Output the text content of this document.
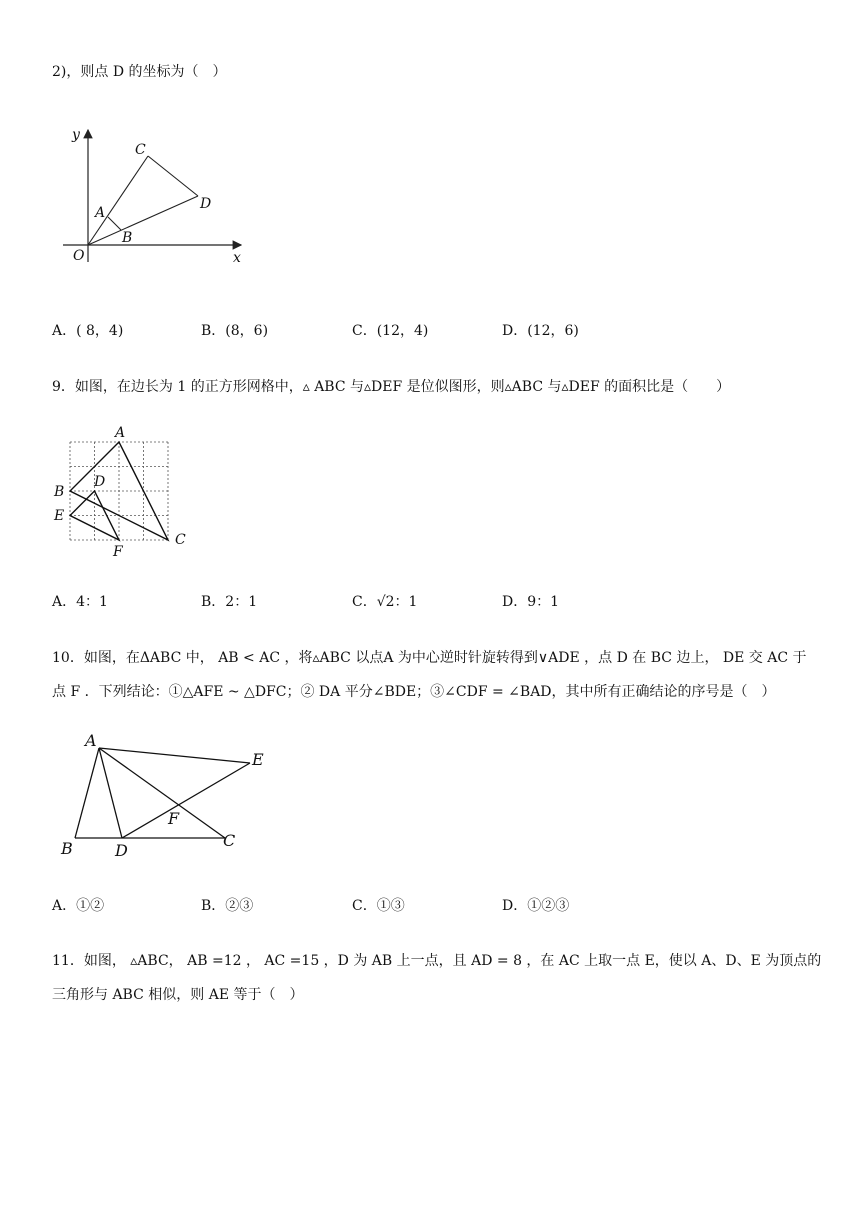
2)，则点 D 的坐标为（　）
y
x
O
A
B
C
D
A．( 8，4)	B．(8，6)	C．(12，4)	D．(12，6)
9．如图，在边长为 1 的正方形网格中，▵ ABC 与▵DEF 是位似图形，则▵ABC 与▵DEF 的面积比是（　　）
A
B
C
D
E
F
A．4：1	B．2：1	C．√2：1	D．9：1
10．如图，在ΔABC 中， AB < AC ，将▵ABC 以点A 为中心逆时针旋转得到∨ADE ，点 D 在 BC 边上， DE 交 AC 于
点 F ．下列结论：①△AFE ~ △DFC；② DA 平分∠BDE；③∠CDF = ∠BAD，其中所有正确结论的序号是（　）
A
B	C
D
E
F
A．①②	B．②③	C．①③	D．①②③
11．如图， ▵ABC， AB =12 ， AC =15 ，D 为 AB 上一点，且 AD = 8 ，在 AC 上取一点 E，使以 A、D、E 为顶点的
三角形与 ABC 相似，则 AE 等于（　）
